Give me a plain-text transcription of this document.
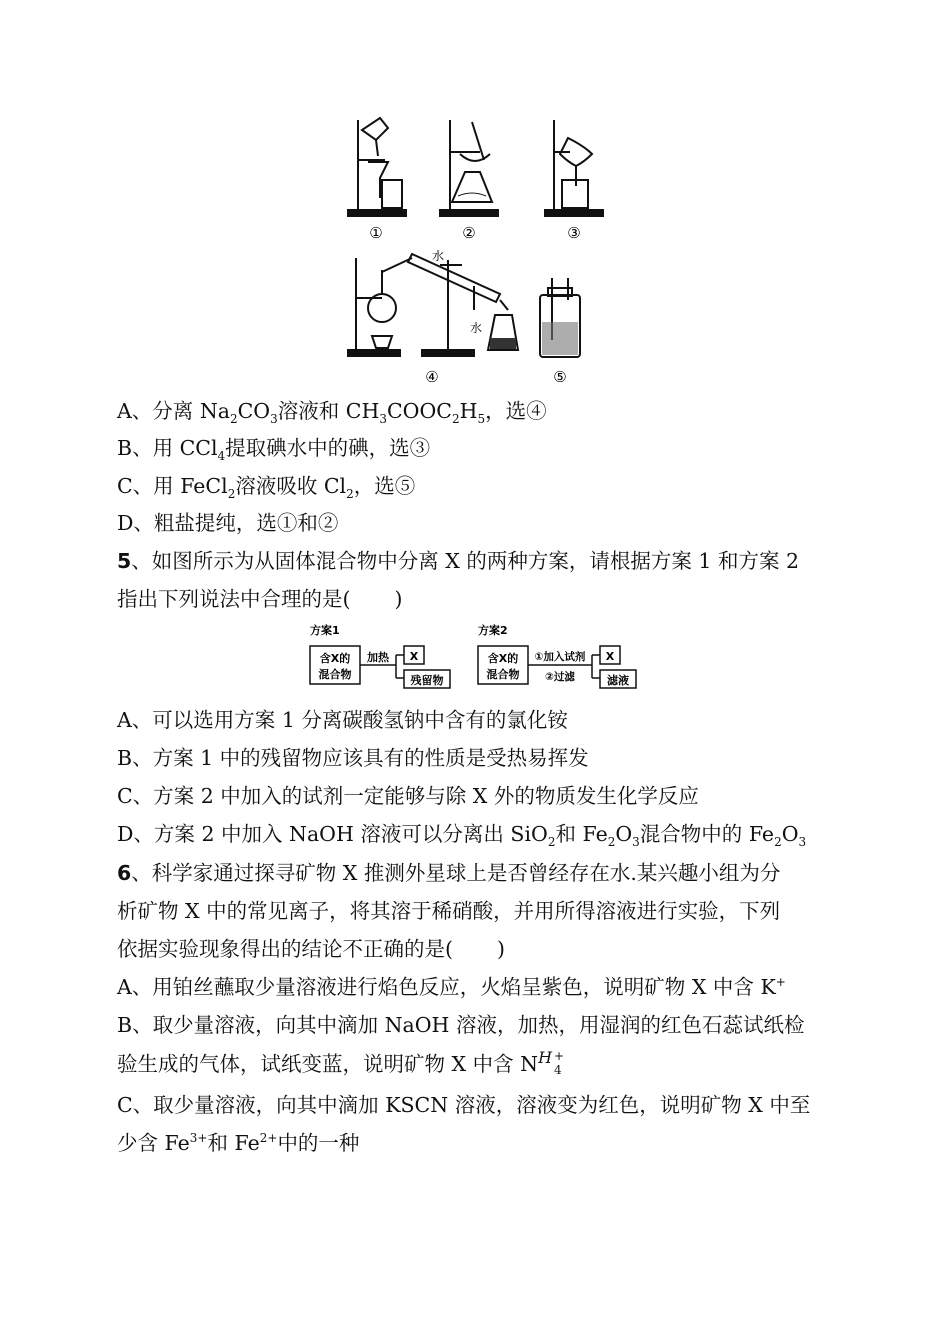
①	②	③
④	⑤
水
水
A、分离 $Na_2CO_3$溶液和 $CH_3COOC_2H_5$，选④
B、用 CCl$_4$提取碘水中的碘，选③
C、用 FeCl$_2$溶液吸收 $Cl_2$，选⑤
D、粗盐提纯，选①和②
5、如图所示为从固体混合物中分离 X 的两种方案，请根据方案 1 和方案 2
指出下列说法中合理的是( )
方案1
含X的
混合物
加热 X
残留物
方案2
含X的
混合物
①加入试剂
②过滤
X
滤液
A、可以选用方案 1 分离碳酸氢钠中含有的氯化铵
B、方案 1 中的残留物应该具有的性质是受热易挥发
C、方案 2 中加入的试剂一定能够与除 X 外的物质发生化学反应
D、方案 2 中加入 NaOH 溶液可以分离出 SiO$_2$和 $Fe_2O_3$混合物中的 $Fe_2O_3$
6、科学家通过探寻矿物 X 推测外星球上是否曾经存在水.某兴趣小组为分
析矿物 X 中的常见离子，将其溶于稀硝酸，并用所得溶液进行实验，下列
依据实验现象得出的结论不正确的是( )
A、用铂丝蘸取少量溶液进行焰色反应，火焰呈紫色，说明矿物 X 中含 K+
B、取少量溶液，向其中滴加 NaOH 溶液，加热，用湿润的红色石蕊试纸检
验生成的气体，试纸变蓝，说明矿物 X 中含 $N^H$ +
4
C、取少量溶液，向其中滴加 KSCN 溶液，溶液变为红色，说明矿物 X 中至
少含 $Fe^{3+}$和 $Fe^{2+}$中的一种
